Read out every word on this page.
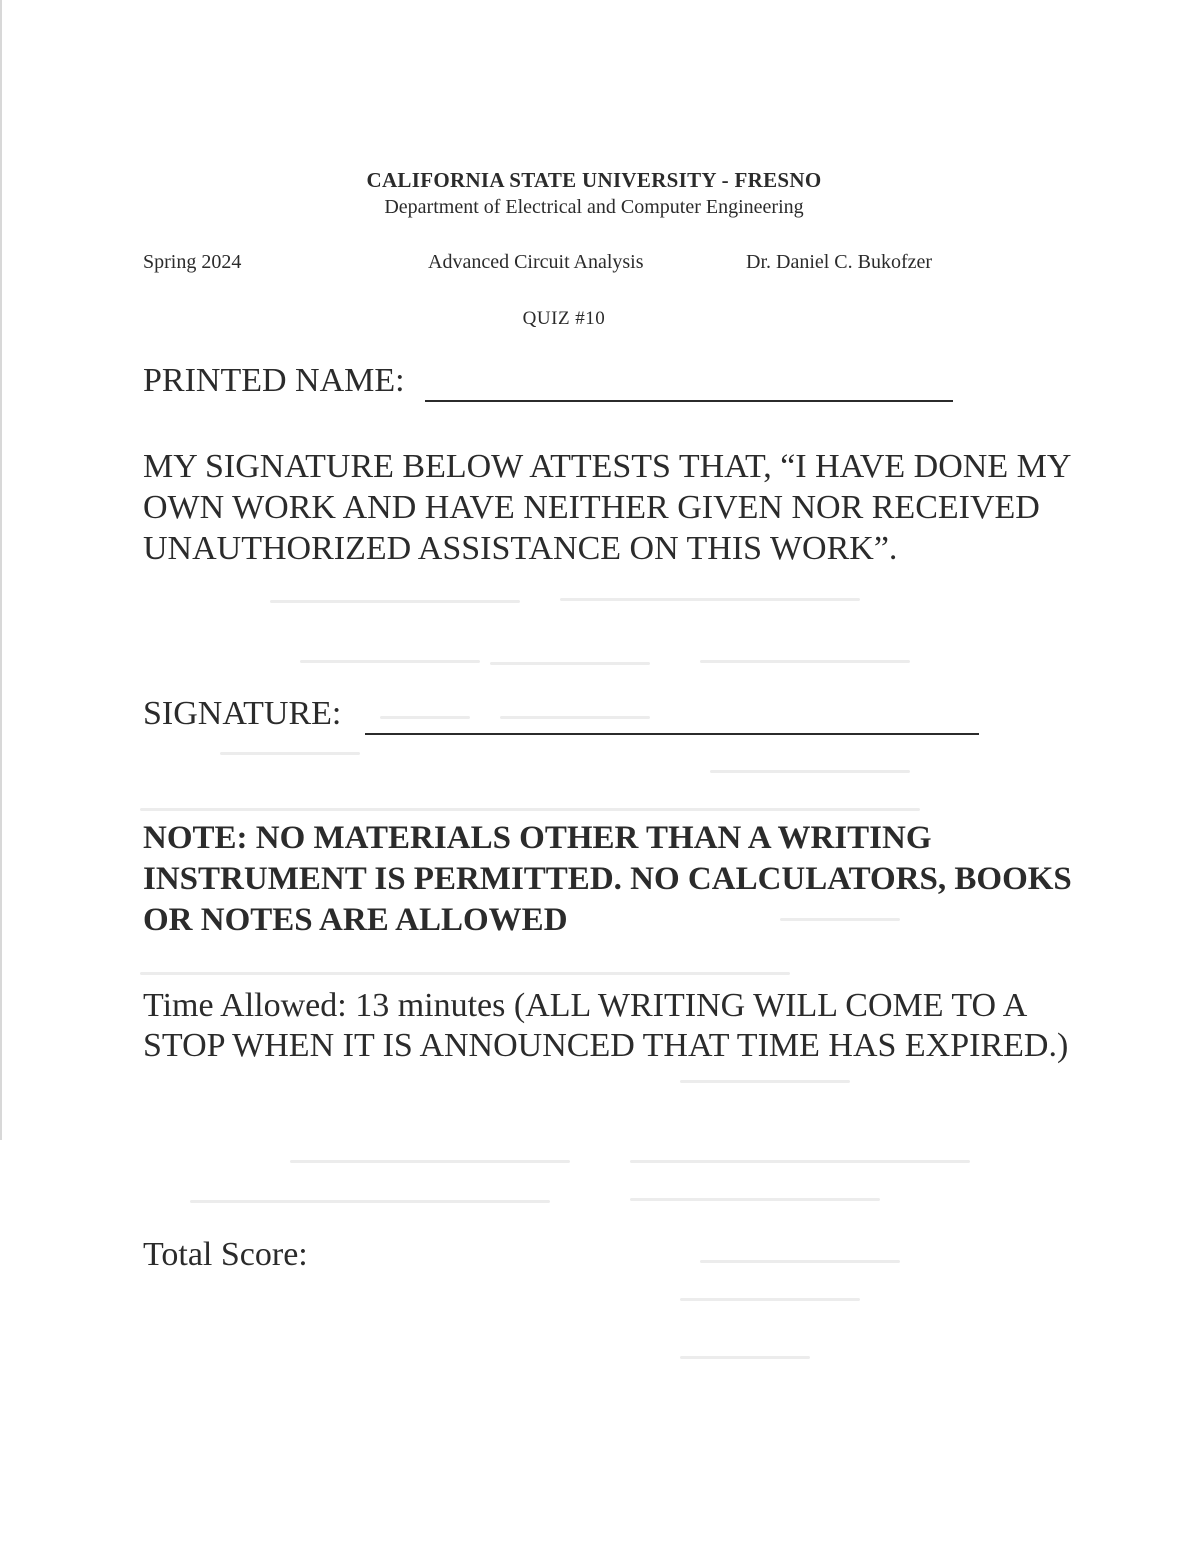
CALIFORNIA STATE UNIVERSITY - FRESNO
Department of Electrical and Computer Engineering
Spring 2024	Advanced Circuit Analysis	Dr. Daniel C. Bukofzer
QUIZ #10
PRINTED NAME:
MY SIGNATURE BELOW ATTESTS THAT, “I HAVE DONE MY OWN WORK AND HAVE NEITHER GIVEN NOR RECEIVED UNAUTHORIZED ASSISTANCE ON THIS WORK”.
SIGNATURE:
NOTE: NO MATERIALS OTHER THAN A WRITING INSTRUMENT IS PERMITTED. NO CALCULATORS, BOOKS OR NOTES ARE ALLOWED
Time Allowed: 13 minutes (ALL WRITING WILL COME TO A STOP WHEN IT IS ANNOUNCED THAT TIME HAS EXPIRED.)
Total Score:
